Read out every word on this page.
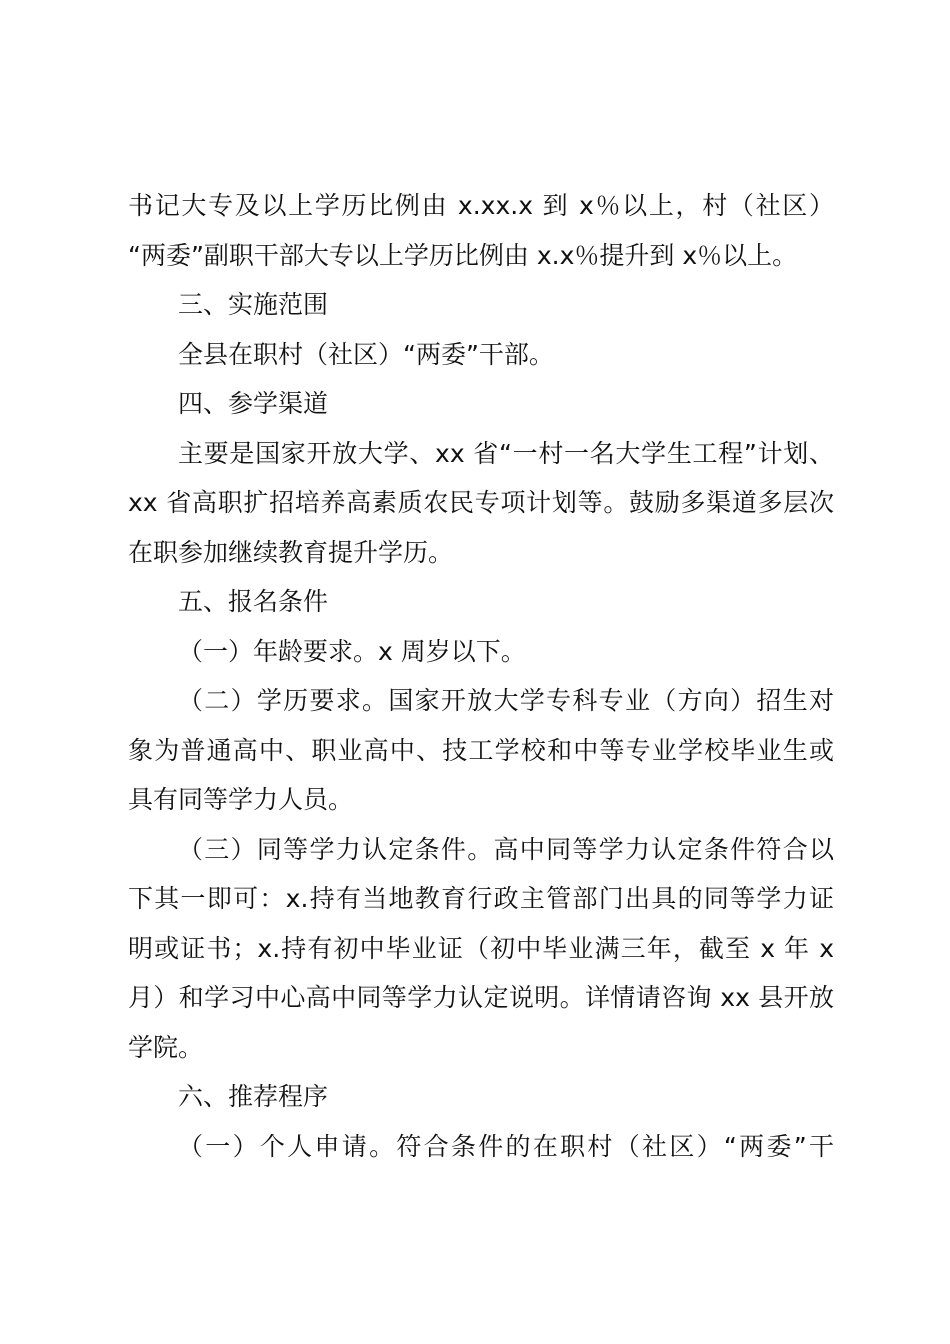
书记大专及以上学历比例由 x.xx.x 到 x％以上，村（社区）
“两委”副职干部大专以上学历比例由 x.x％提升到 x％以上。
三、实施范围
全县在职村（社区）“两委”干部。
四、参学渠道
主要是国家开放大学、xx 省“一村一名大学生工程”计划、
xx 省高职扩招培养高素质农民专项计划等。鼓励多渠道多层次
在职参加继续教育提升学历。
五、报名条件
（一）年龄要求。x 周岁以下。
（二）学历要求。国家开放大学专科专业（方向）招生对
象为普通高中、职业高中、技工学校和中等专业学校毕业生或
具有同等学力人员。
（三）同等学力认定条件。高中同等学力认定条件符合以
下其一即可：x.持有当地教育行政主管部门出具的同等学力证
明或证书；x.持有初中毕业证（初中毕业满三年，截至 x 年 x
月）和学习中心高中同等学力认定说明。详情请咨询 xx 县开放
学院。
六、推荐程序
（一）个人申请。符合条件的在职村（社区）“两委”干
